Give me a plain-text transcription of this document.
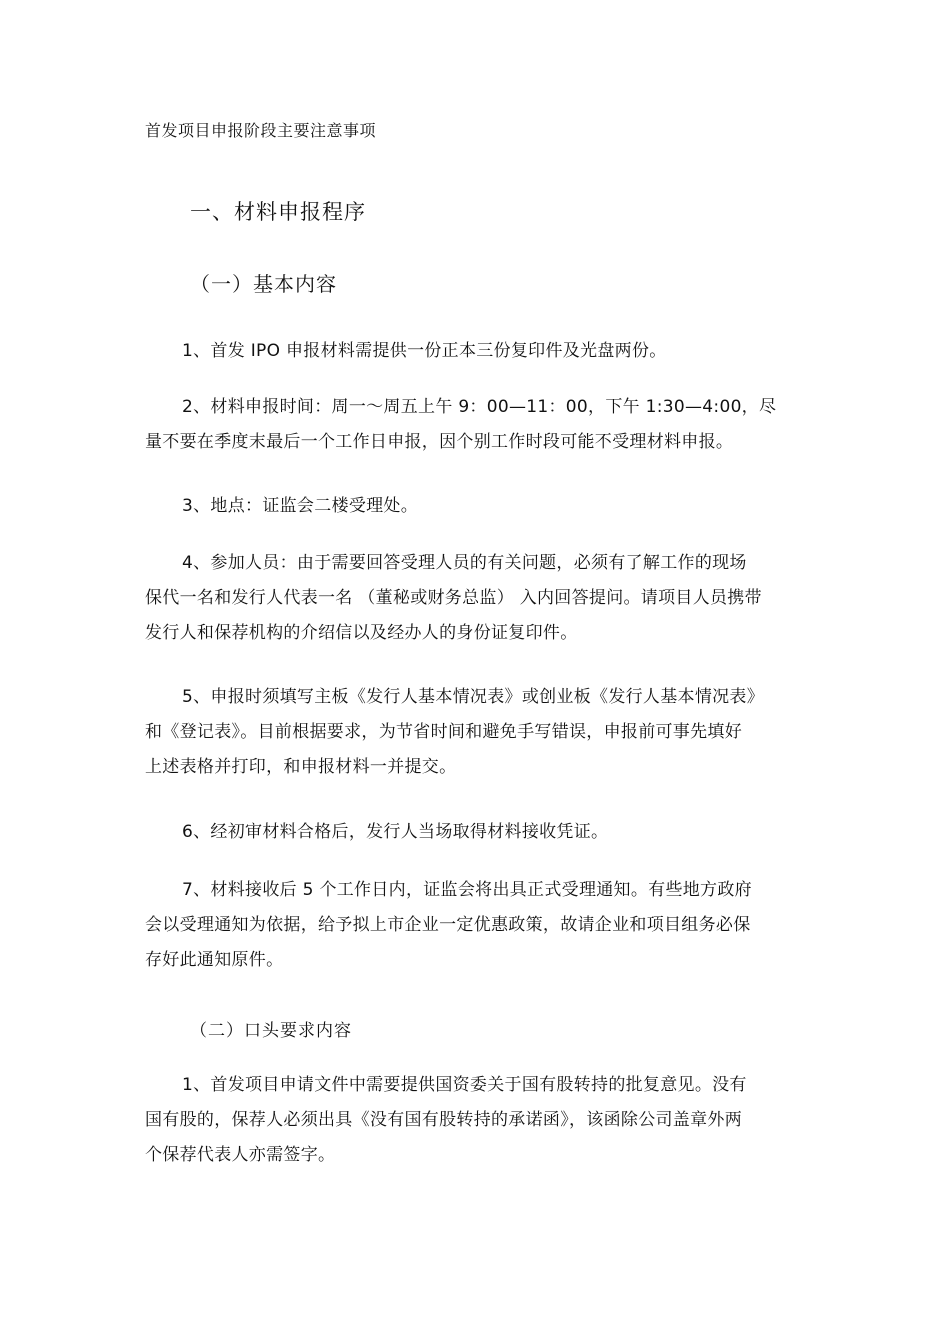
首发项目申报阶段主要注意事项
一、材料申报程序
（一）基本内容

1、首发 IPO 申报材料需提供一份正本三份复印件及光盘两份。

2、材料申报时间：周一～周五上午 9：00—11：00，下午 1:30—4:00，尽
量不要在季度末最后一个工作日申报，因个别工作时段可能不受理材料申报。

3、地点：证监会二楼受理处。

4、参加人员：由于需要回答受理人员的有关问题，必须有了解工作的现场
保代一名和发行人代表一名 （董秘或财务总监） 入内回答提问。请项目人员携带
发行人和保荐机构的介绍信以及经办人的身份证复印件。

5、申报时须填写主板《发行人基本情况表》或创业板《发行人基本情况表》
和《登记表》。目前根据要求，为节省时间和避免手写错误，申报前可事先填好
上述表格并打印，和申报材料一并提交。

6、经初审材料合格后，发行人当场取得材料接收凭证。

7、材料接收后 5 个工作日内，证监会将出具正式受理通知。有些地方政府
会以受理通知为依据，给予拟上市企业一定优惠政策，故请企业和项目组务必保
存好此通知原件。

（二）口头要求内容

1、首发项目申请文件中需要提供国资委关于国有股转持的批复意见。没有
国有股的，保荐人必须出具《没有国有股转持的承诺函》，该函除公司盖章外两
个保荐代表人亦需签字。
